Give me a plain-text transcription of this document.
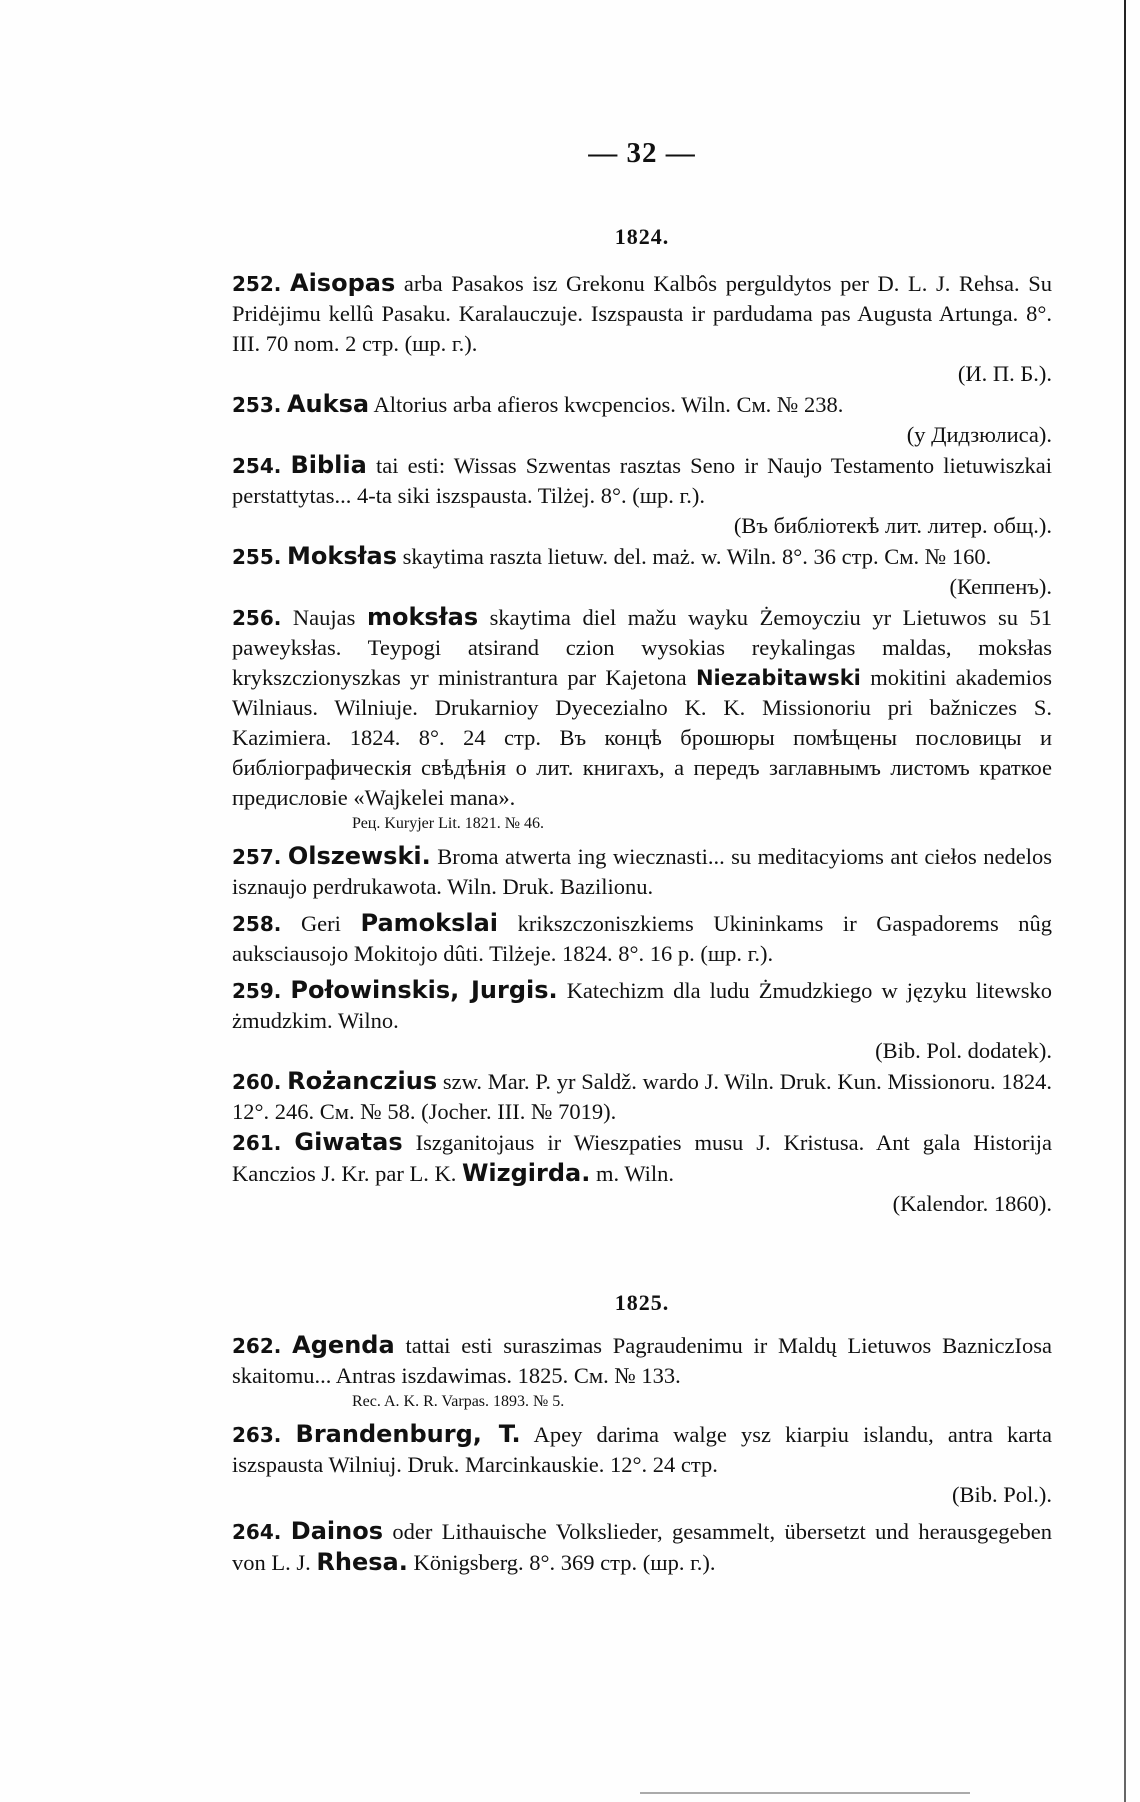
— 32 —
1824.

252. Aisopas arba Pasakos isz Grekonu Kalbôs perguldytos per D. L. J. Rehsa. Su Pridėjimu kellû Pasaku. Karalauczuje. Iszspausta ir pardudama pas Augusta Artunga. 8°. III. 70 nom. 2 стр. (шр. г.).
(И. П. Б.).

253. Auksa Altorius arba afieros kwcpencios. Wiln. См. № 238.
(у Дидзюлиса).

254. Biblia tai esti: Wissas Szwentas rasztas Seno ir Naujo Testamento lietuwiszkai perstattytas... 4-ta siki iszspausta. Tilżej. 8°. (шр. г.).
(Въ библіотекѣ лит. литер. общ.).

255. Moksłas skaytima raszta lietuw. del. maż. w. Wiln. 8°. 36 стр. См. № 160.
(Кеппенъ).

256. Naujas moksłas skaytima diel mažu wayku Żemoycziu yr Lietuwos su 51 paweyksłas. Teypogi atsirand czion wysokias reykalingas maldas, moksłas krykszczionyszkas yr ministrantura par Kajetona Niezabitawski mokitini akademios Wilniaus. Wilniuje. Drukarnioy Dyecezialno K. K. Missionoriu pri bažniczes S. Kazimiera. 1824. 8°. 24 стр. Въ концѣ брошюры помѣщены пословицы и библіографическія свѣдѣнія о лит. книгахъ, а передъ заглавнымъ листомъ краткое предисловіе «Wajkelei mana».
Рец. Kuryjer Lit. 1821. № 46.

257. Olszewski. Broma atwerta ing wiecznasti... su meditacyioms ant ciełos nedelos isznaujo perdrukawota. Wiln. Druk. Bazilionu.

258. Geri Pamokslai krikszczoniszkiems Ukininkams ir Gaspadorems nûg auksciausojo Mokitojo dûti. Tilżeje. 1824. 8°. 16 p. (шр. г.).

259. Połowinskis, Jurgis. Katechizm dla ludu Żmudzkiego w języku litewsko żmudzkim. Wilno.
(Bib. Pol. dodatek).

260. Rożanczius szw. Mar. P. yr Saldž. wardo J. Wiln. Druk. Kun. Missionoru. 1824. 12°. 246. См. № 58. (Jocher. III. № 7019).

261. Giwatas Iszganitojaus ir Wieszpaties musu J. Kristusa. Ant gala Historija Kanczios J. Kr. par L. K. Wizgirda. m. Wiln.
(Kalendor. 1860).

1825.

262. Agenda tattai esti suraszimas Pagraudenimu ir Maldų Lietuwos BazniczIosa skaitomu... Antras iszdawimas. 1825. См. № 133.
Rec. A. K. R. Varpas. 1893. № 5.

263. Brandenburg, T. Apey darima walge ysz kiarpiu islandu, antra karta iszspausta Wilniuj. Druk. Marcinkauskie. 12°. 24 стр.
(Bib. Pol.).

264. Dainos oder Lithauische Volkslieder, gesammelt, übersetzt und herausgegeben von L. J. Rhesa. Königsberg. 8°. 369 стр. (шр. г.).
